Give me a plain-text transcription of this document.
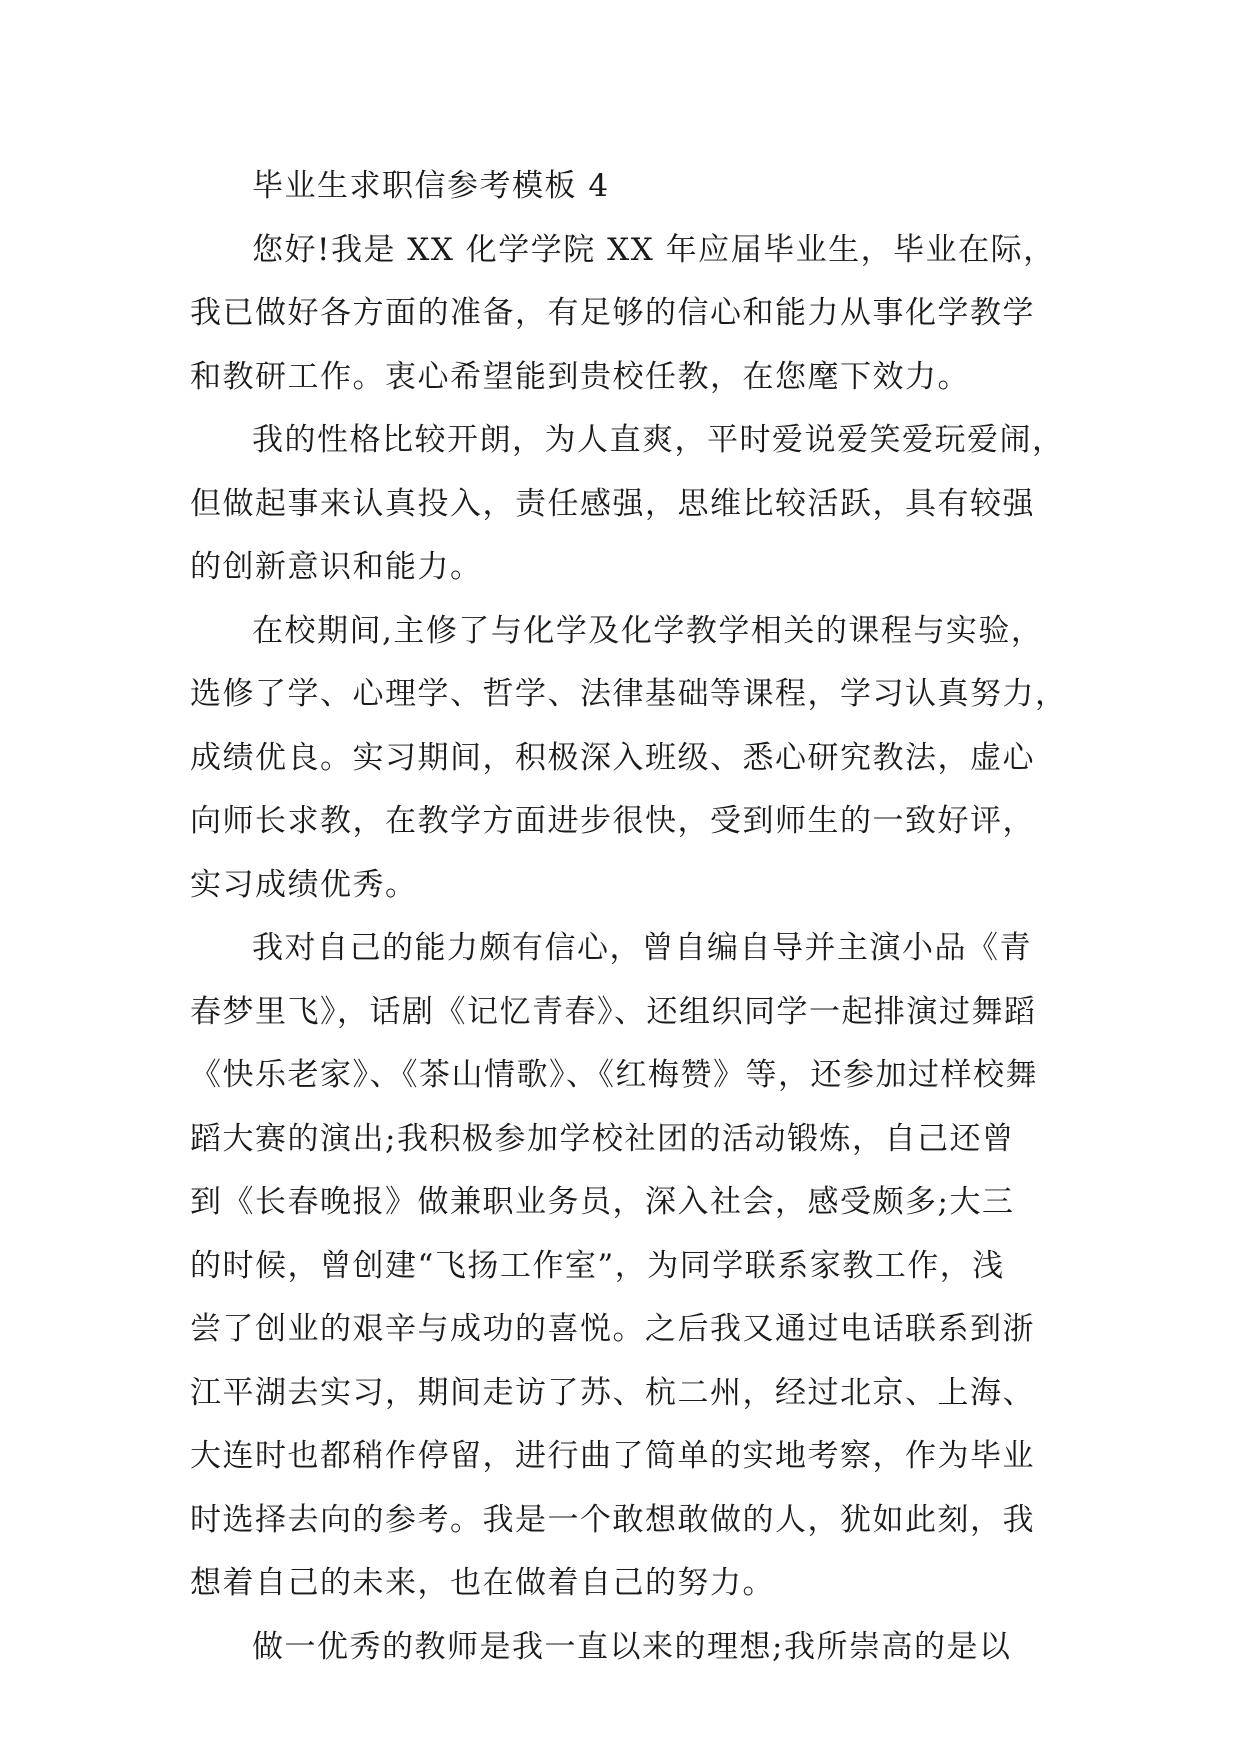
毕业生求职信参考模板 4
您好!我是 XX 化学学院 XX 年应届毕业生，毕业在际，
我已做好各方面的准备，有足够的信心和能力从事化学教学
和教研工作。衷心希望能到贵校任教，在您麾下效力。
我的性格比较开朗，为人直爽，平时爱说爱笑爱玩爱闹，
但做起事来认真投入，责任感强，思维比较活跃，具有较强
的创新意识和能力。
在校期间,主修了与化学及化学教学相关的课程与实验，
选修了学、心理学、哲学、法律基础等课程，学习认真努力，
成绩优良。实习期间，积极深入班级、悉心研究教法，虚心
向师长求教，在教学方面进步很快，受到师生的一致好评，
实习成绩优秀。
我对自己的能力颇有信心，曾自编自导并主演小品《青
春梦里飞》，话剧《记忆青春》、还组织同学一起排演过舞蹈
《快乐老家》、《茶山情歌》、《红梅赞》等，还参加过样校舞
蹈大赛的演出;我积极参加学校社团的活动锻炼，自己还曾
到《长春晚报》做兼职业务员，深入社会，感受颇多;大三
的时候，曾创建“飞扬工作室”，为同学联系家教工作，浅
尝了创业的艰辛与成功的喜悦。之后我又通过电话联系到浙
江平湖去实习，期间走访了苏、杭二州，经过北京、上海、
大连时也都稍作停留，进行曲了简单的实地考察，作为毕业
时选择去向的参考。我是一个敢想敢做的人，犹如此刻，我
想着自己的未来，也在做着自己的努力。
做一优秀的教师是我一直以来的理想;我所崇高的是以
